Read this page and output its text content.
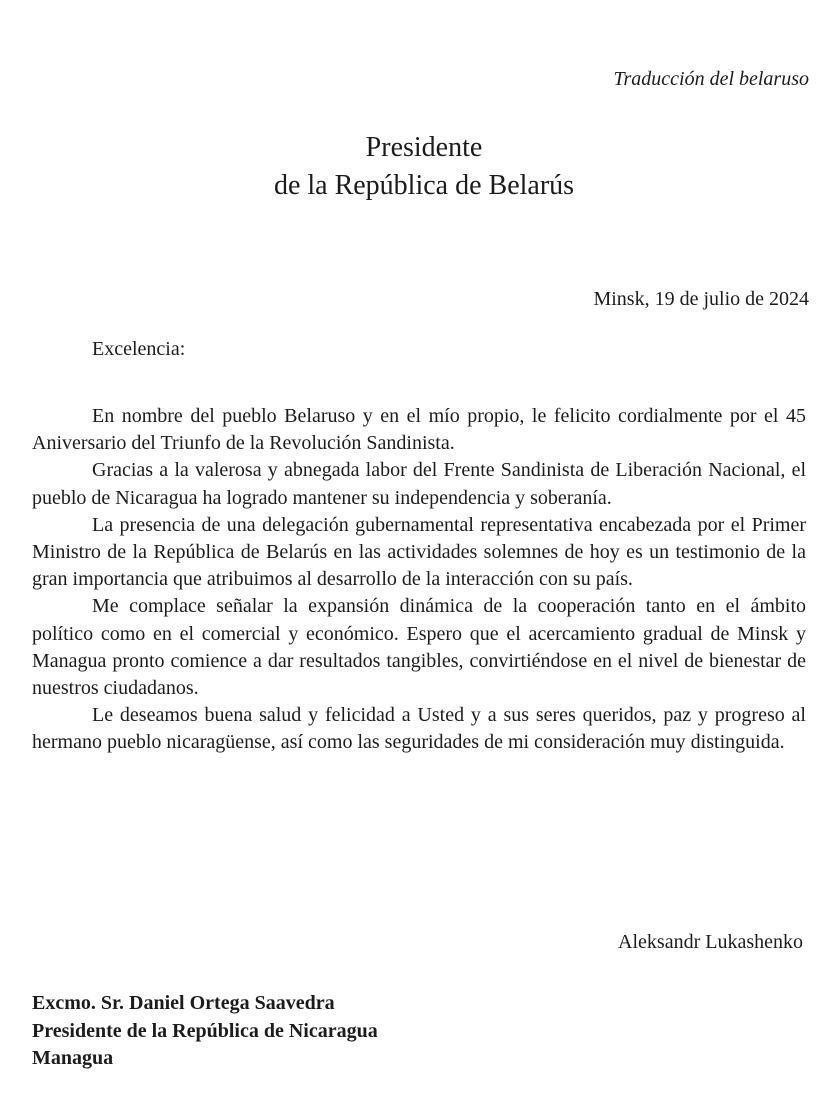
Traducción del belaruso
Presidente
de la República de Belarús
Minsk, 19 de julio de 2024
Excelencia:

En nombre del pueblo Belaruso y en el mío propio, le felicito cordialmente por el 45 Aniversario del Triunfo de la Revolución Sandinista.

Gracias a la valerosa y abnegada labor del Frente Sandinista de Liberación Nacional, el pueblo de Nicaragua ha logrado mantener su independencia y soberanía.

La presencia de una delegación gubernamental representativa encabezada por el Primer Ministro de la República de Belarús en las actividades solemnes de hoy es un testimonio de la gran importancia que atribuimos al desarrollo de la interacción con su país.

Me complace señalar la expansión dinámica de la cooperación tanto en el ámbito político como en el comercial y económico. Espero que el acercamiento gradual de Minsk y Managua pronto comience a dar resultados tangibles, convirtiéndose en el nivel de bienestar de nuestros ciudadanos.

Le deseamos buena salud y felicidad a Usted y a sus seres queridos, paz y progreso al hermano pueblo nicaragüense, así como las seguridades de mi consideración muy distinguida.

Aleksandr Lukashenko
Excmo. Sr. Daniel Ortega Saavedra
Presidente de la República de Nicaragua
Managua
